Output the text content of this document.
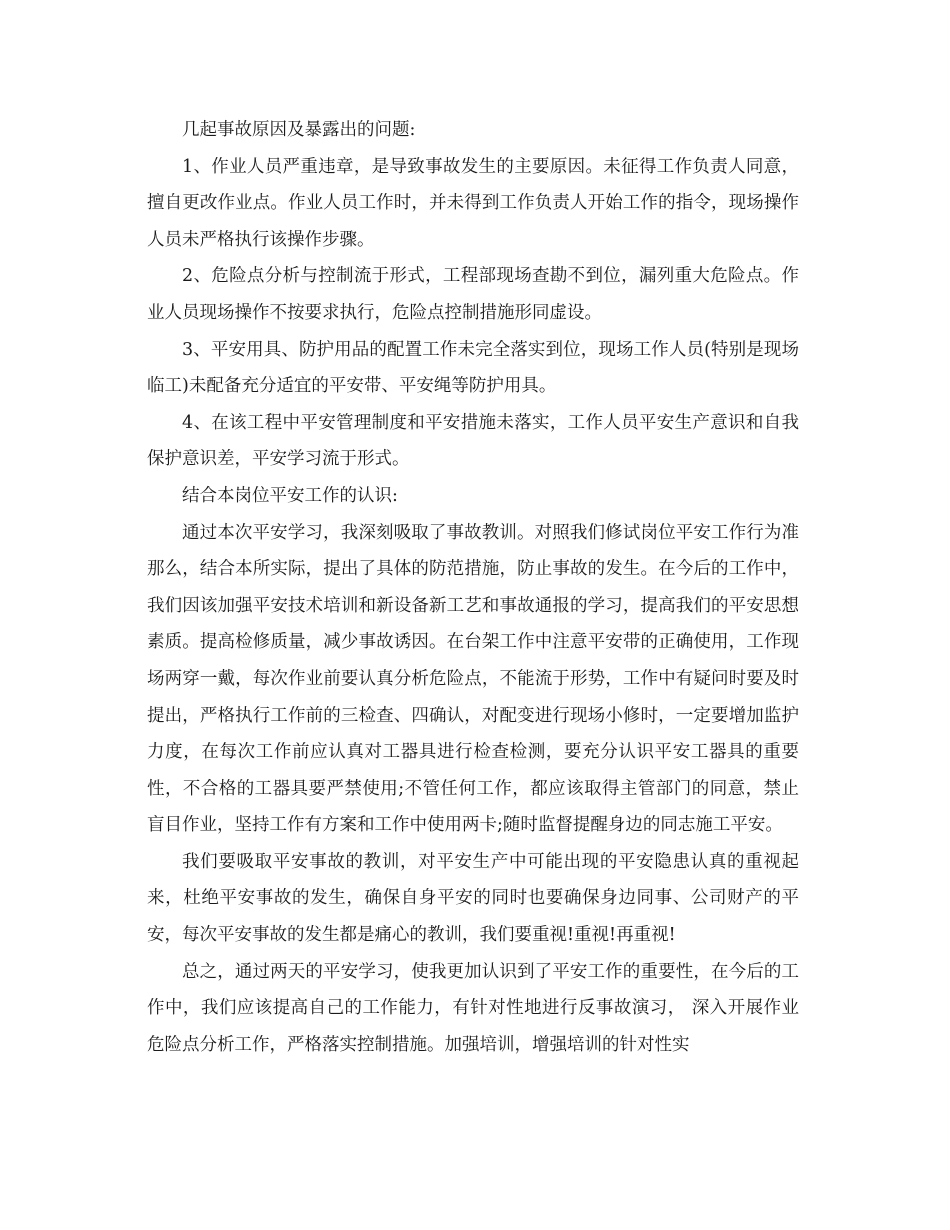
几起事故原因及暴露出的问题:

1、作业人员严重违章，是导致事故发生的主要原因。未征得工作负责人同意，擅自更改作业点。作业人员工作时，并未得到工作负责人开始工作的指令，现场操作人员未严格执行该操作步骤。

2、危险点分析与控制流于形式，工程部现场查勘不到位，漏列重大危险点。作业人员现场操作不按要求执行，危险点控制措施形同虚设。

3、平安用具、防护用品的配置工作未完全落实到位，现场工作人员(特别是现场临工)未配备充分适宜的平安带、平安绳等防护用具。

4、在该工程中平安管理制度和平安措施未落实，工作人员平安生产意识和自我保护意识差，平安学习流于形式。

结合本岗位平安工作的认识:

通过本次平安学习，我深刻吸取了事故教训。对照我们修试岗位平安工作行为准那么，结合本所实际，提出了具体的防范措施，防止事故的发生。在今后的工作中，我们因该加强平安技术培训和新设备新工艺和事故通报的学习，提高我们的平安思想素质。提高检修质量，减少事故诱因。在台架工作中注意平安带的正确使用，工作现场两穿一戴，每次作业前要认真分析危险点，不能流于形势，工作中有疑问时要及时提出，严格执行工作前的三检查、四确认，对配变进行现场小修时，一定要增加监护力度，在每次工作前应认真对工器具进行检查检测，要充分认识平安工器具的重要性，不合格的工器具要严禁使用;不管任何工作，都应该取得主管部门的同意，禁止盲目作业，坚持工作有方案和工作中使用两卡;随时监督提醒身边的同志施工平安。

我们要吸取平安事故的教训，对平安生产中可能出现的平安隐患认真的重视起来，杜绝平安事故的发生，确保自身平安的同时也要确保身边同事、公司财产的平安，每次平安事故的发生都是痛心的教训，我们要重视!重视!再重视!

总之，通过两天的平安学习，使我更加认识到了平安工作的重要性，在今后的工作中，我们应该提高自己的工作能力，有针对性地进行反事故演习， 深入开展作业危险点分析工作，严格落实控制措施。加强培训，增强培训的针对性实
